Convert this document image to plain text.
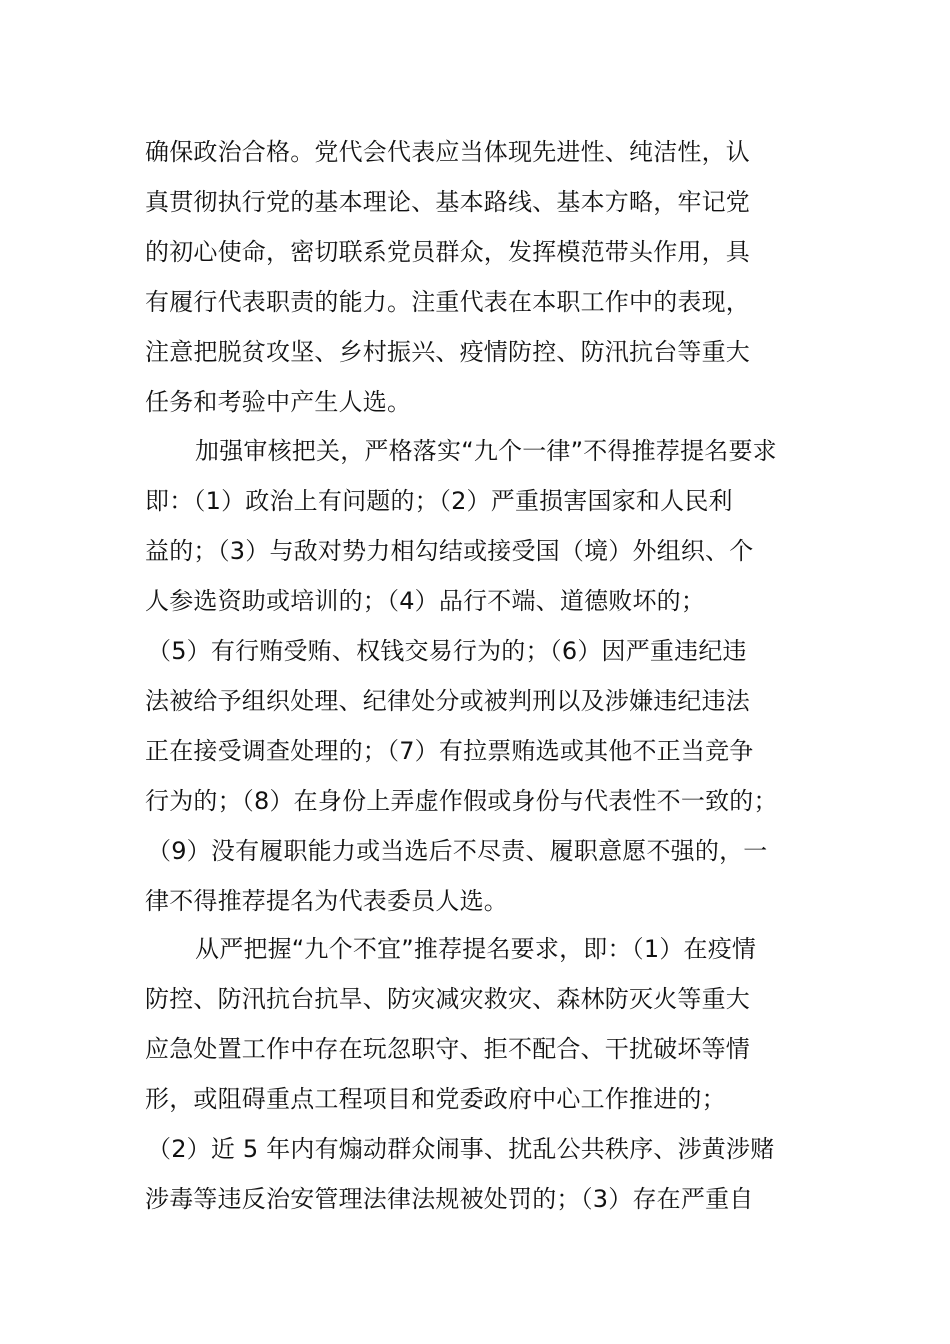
确保政治合格。党代会代表应当体现先进性、纯洁性，认
真贯彻执行党的基本理论、基本路线、基本方略，牢记党
的初心使命，密切联系党员群众，发挥模范带头作用，具
有履行代表职责的能力。注重代表在本职工作中的表现，
注意把脱贫攻坚、乡村振兴、疫情防控、防汛抗台等重大
任务和考验中产生人选。
加强审核把关，严格落实“九个一律”不得推荐提名要求
即：（1）政治上有问题的；（2）严重损害国家和人民利
益的；（3）与敌对势力相勾结或接受国（境）外组织、个
人参选资助或培训的；（4）品行不端、道德败坏的；
（5）有行贿受贿、权钱交易行为的；（6）因严重违纪违
法被给予组织处理、纪律处分或被判刑以及涉嫌违纪违法
正在接受调查处理的；（7）有拉票贿选或其他不正当竞争
行为的；（8）在身份上弄虚作假或身份与代表性不一致的；
（9）没有履职能力或当选后不尽责、履职意愿不强的，一
律不得推荐提名为代表委员人选。
从严把握“九个不宜”推荐提名要求，即：（1）在疫情
防控、防汛抗台抗旱、防灾减灾救灾、森林防灭火等重大
应急处置工作中存在玩忽职守、拒不配合、干扰破坏等情
形，或阻碍重点工程项目和党委政府中心工作推进的；
（2）近 5 年内有煽动群众闹事、扰乱公共秩序、涉黄涉赌
涉毒等违反治安管理法律法规被处罚的；（3）存在严重自
